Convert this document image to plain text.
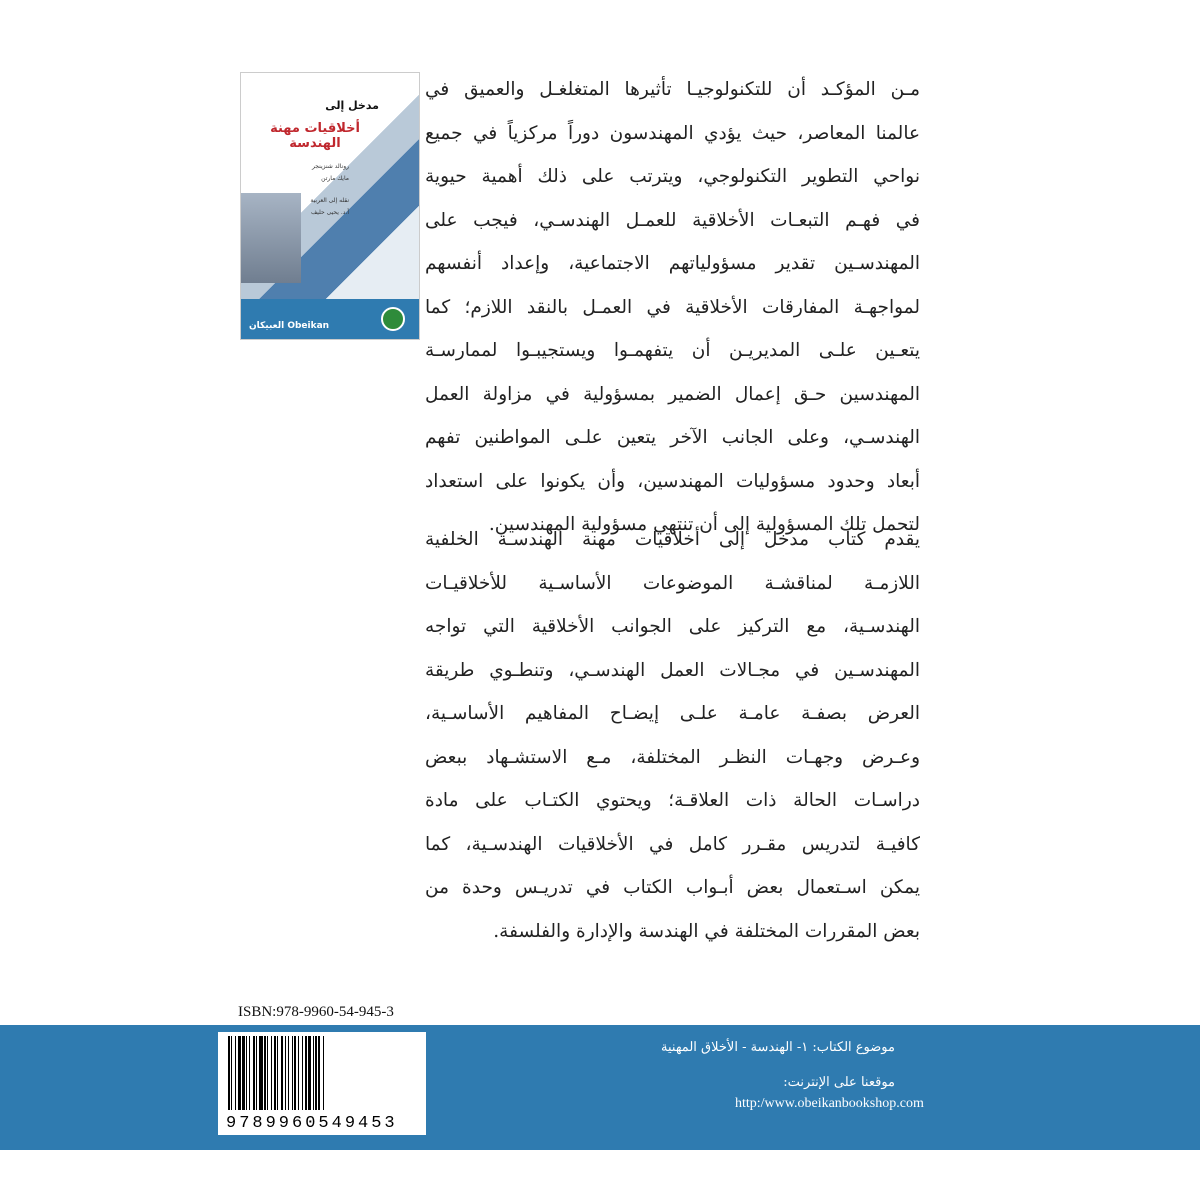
مدخل إلى
أخلاقيات مهنة الهندسة
رونالد شنزينجر
مايك مارتن
نقله إلى العربية
أ.د. يحيى حليف
العبيكان Obeikan
مـن المؤكـد أن للتكنولوجيـا تأثيرها المتغلغـل والعميق في
عالمنا المعاصر، حيث يؤدي المهندسون دوراً مركزياً في جميع
نواحي التطوير التكنولوجي، ويترتب على ذلك أهمية حيوية
في فهـم التبعـات الأخلاقية للعمـل الهندسـي، فيجب على
المهندسـين تقدير مسؤولياتهم الاجتماعية، وإعداد أنفسهم
لمواجهـة المفارقات الأخلاقية في العمـل بالنقد اللازم؛ كما
يتعـين علـى المديريـن أن يتفهمـوا ويستجيبـوا لممارسـة
المهندسين حـق إعمال الضمير بمسؤولية في مزاولة العمل
الهندسـي، وعلى الجانب الآخر يتعين علـى المواطنين تفهم
أبعاد وحدود مسؤوليات المهندسين، وأن يكونوا على استعداد
لتحمل تلك المسؤولية إلى أن تنتهي مسؤولية المهندسين.
يقدم كتاب مدخل إلى أخلاقيات مهنة الهندسـة الخلفية
اللازمـة لمناقشـة الموضوعات الأساسـية للأخلاقيـات
الهندسـية، مع التركيز على الجوانب الأخلاقية التي تواجه
المهندسـين في مجـالات العمل الهندسـي، وتنطـوي طريقة
العرض بصفـة عامـة علـى إيضـاح المفاهيم الأساسـية،
وعـرض وجهـات النظـر المختلفة، مـع الاستشـهاد ببعض
دراسـات الحالة ذات العلاقـة؛ ويحتوي الكتـاب على مادة
كافيـة لتدريس مقـرر كامل في الأخلاقيات الهندسـية، كما
يمكن اسـتعمال بعض أبـواب الكتاب في تدريـس وحدة من
بعض المقررات المختلفة في الهندسة والإدارة والفلسفة.
موضوع الكتاب: ١- الهندسة - الأخلاق المهنية
موقعنا على الإنترنت:
http:/www.obeikanbookshop.com
ISBN:978-9960-54-945-3
9789960549453
